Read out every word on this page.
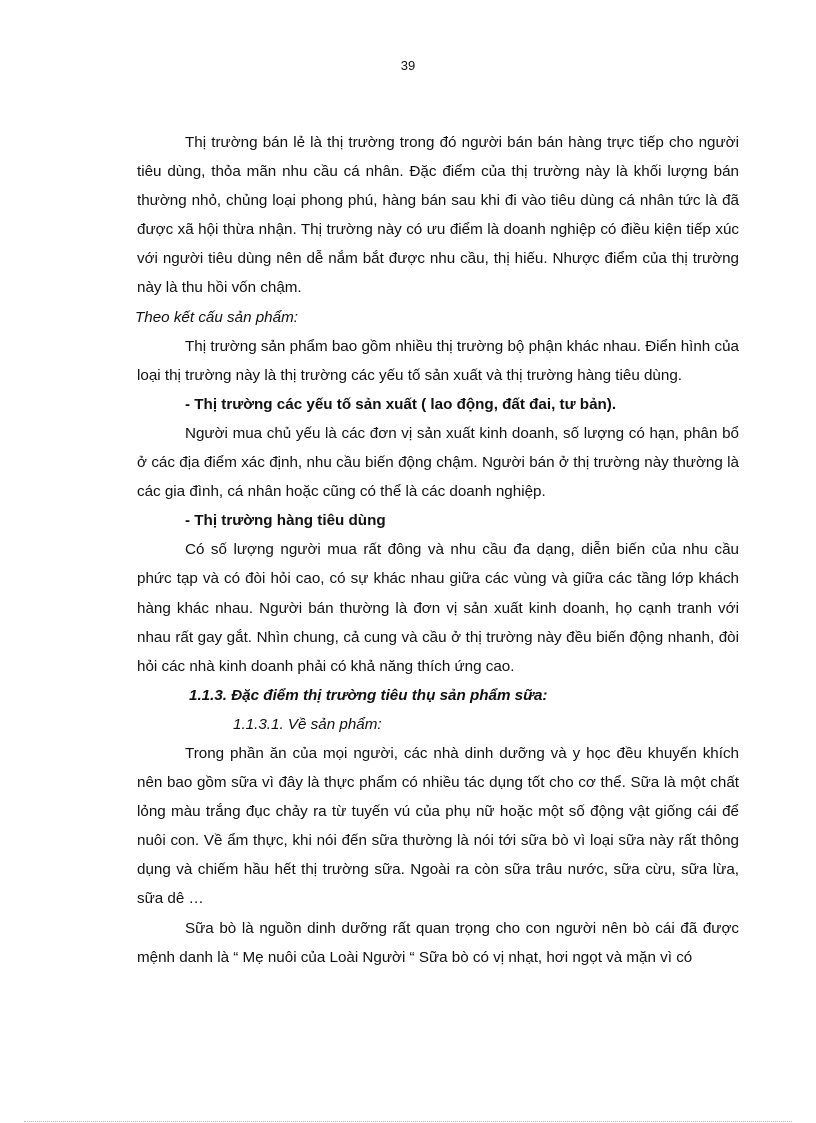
39

Thị trường bán lẻ là thị trường trong đó người bán bán hàng trực tiếp cho người tiêu dùng, thỏa mãn nhu cầu cá nhân. Đặc điểm của thị trường này là khối lượng bán thường nhỏ, chủng loại phong phú, hàng bán sau khi đi vào tiêu dùng cá nhân tức là đã được xã hội thừa nhận. Thị trường này có ưu điểm là doanh nghiệp có điều kiện tiếp xúc với người tiêu dùng nên dễ nắm bắt được nhu cầu, thị hiếu. Nhược điểm của thị trường này là thu hồi vốn chậm.

Theo kết cấu sản phẩm:

Thị trường sản phẩm bao gồm nhiều thị trường bộ phận khác nhau. Điển hình của loại thị trường này là thị trường các yếu tố sản xuất và thị trường hàng tiêu dùng.

- Thị trường các yếu tố sản xuất ( lao động, đất đai, tư bản).

Người mua chủ yếu là các đơn vị sản xuất kinh doanh, số lượng có hạn, phân bổ ở các địa điểm xác định, nhu cầu biến động chậm. Người bán ở thị trường này thường là các gia đình, cá nhân hoặc cũng có thể là các doanh nghiệp.

- Thị trường hàng tiêu dùng

Có số lượng người mua rất đông và nhu cầu đa dạng, diễn biến của nhu cầu phức tạp và có đòi hỏi cao, có sự khác nhau giữa các vùng và giữa các tầng lớp khách hàng khác nhau. Người bán thường là đơn vị sản xuất kinh doanh, họ cạnh tranh với nhau rất gay gắt. Nhìn chung, cả cung và cầu ở thị trường này đều biến động nhanh, đòi hỏi các nhà kinh doanh phải có khả năng thích ứng cao.

1.1.3. Đặc điểm thị trường tiêu thụ sản phẩm sữa:

1.1.3.1. Về sản phẩm:

Trong phần ăn của mọi người, các nhà dinh dưỡng và y học đều khuyến khích nên bao gồm sữa vì đây là thực phẩm có nhiều tác dụng tốt cho cơ thể. Sữa là một chất lỏng màu trắng đục chảy ra từ tuyến vú của phụ nữ hoặc một số động vật giống cái để nuôi con. Về ẩm thực, khi nói đến sữa thường là nói tới sữa bò vì loại sữa này rất thông dụng và chiếm hầu hết thị trường sữa. Ngoài ra còn sữa trâu nước, sữa cừu, sữa lừa, sữa dê …

Sữa bò là nguồn dinh dưỡng rất quan trọng cho con người nên bò cái đã được mệnh danh là “ Mẹ nuôi của Loài Người “ Sữa bò có vị nhạt, hơi ngọt và mặn vì có
